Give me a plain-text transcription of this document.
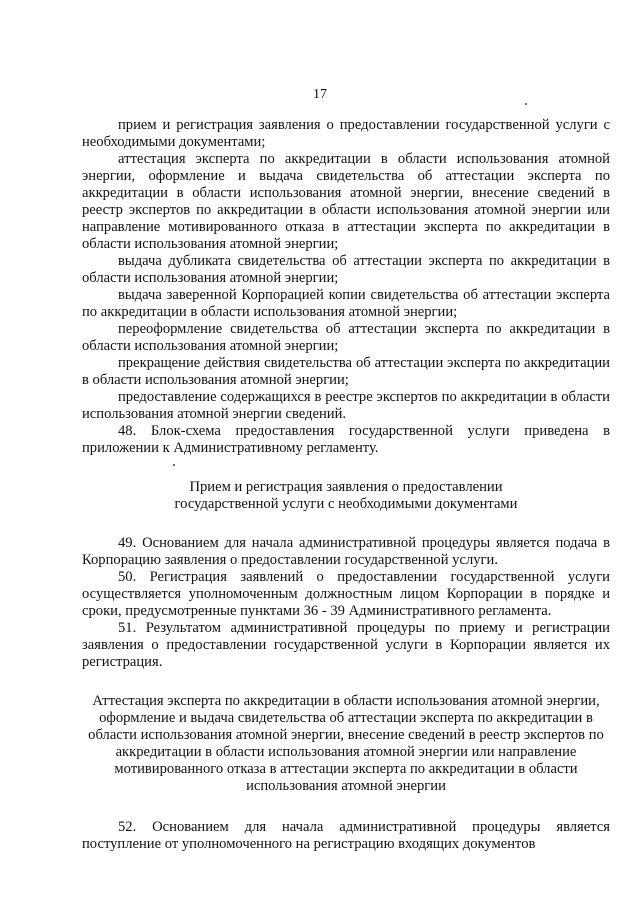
17

прием и регистрация заявления о предоставлении государственной услуги с необходимыми документами;

аттестация эксперта по аккредитации в области использования атомной энергии, оформление и выдача свидетельства об аттестации эксперта по аккредитации в области использования атомной энергии, внесение сведений в реестр экспертов по аккредитации в области использования атомной энергии или направление мотивированного отказа в аттестации эксперта по аккредитации в области использования атомной энергии;

выдача дубликата свидетельства об аттестации эксперта по аккредитации в области использования атомной энергии;

выдача заверенной Корпорацией копии свидетельства об аттестации эксперта по аккредитации в области использования атомной энергии;

переоформление свидетельства об аттестации эксперта по аккредитации в области использования атомной энергии;

прекращение действия свидетельства об аттестации эксперта по аккредитации в области использования атомной энергии;

предоставление содержащихся в реестре экспертов по аккредитации в области использования атомной энергии сведений.

48. Блок-схема предоставления государственной услуги приведена в приложении к Административному регламенту.

Прием и регистрация заявления о предоставлении
государственной услуги с необходимыми документами

49. Основанием для начала административной процедуры является подача в Корпорацию заявления о предоставлении государственной услуги.

50. Регистрация заявлений о предоставлении государственной услуги осуществляется уполномоченным должностным лицом Корпорации в порядке и сроки, предусмотренные пунктами 36 - 39 Административного регламента.

51. Результатом административной процедуры по приему и регистрации заявления о предоставлении государственной услуги в Корпорации является их регистрация.

Аттестация эксперта по аккредитации в области использования атомной энергии,
оформление и выдача свидетельства об аттестации эксперта по аккредитации в
области использования атомной энергии, внесение сведений в реестр экспертов по
аккредитации в области использования атомной энергии или направление
мотивированного отказа в аттестации эксперта по аккредитации в области
использования атомной энергии

52. Основанием для начала административной процедуры является поступление от уполномоченного на регистрацию входящих документов
